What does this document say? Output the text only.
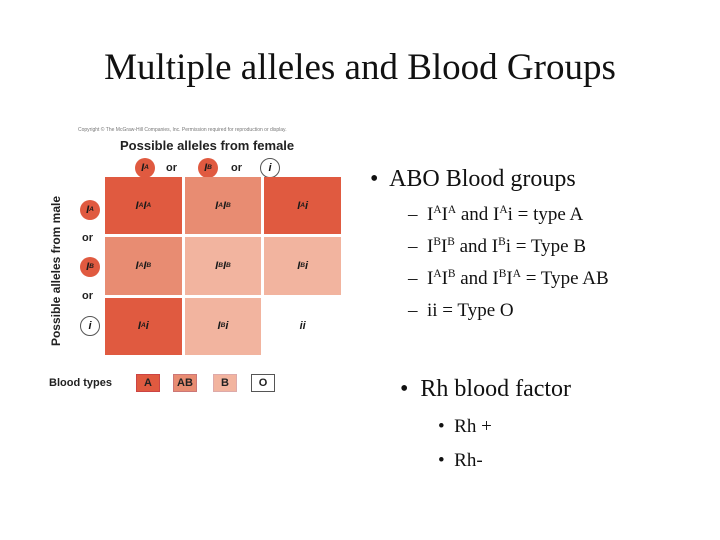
Multiple alleles and Blood Groups
Copyright © The McGraw-Hill Companies, Inc. Permission required for reproduction or display.
Possible alleles from female
Possible alleles from male
I A or I B or i
I A
or
I B
or
i
I A I A	I A I B	I A i
I A I B	I B I B	I B i
I A i	I B i	ii
Blood types	A	AB	B	O
•  ABO Blood groups
–  $I^AI^A$ and $I^Ai$ = type A
–  $I^BI^B$ and $I^Bi$ = Type B
–  $I^AI^B$ and $I^BI^A$ = Type AB
–  ii = Type O
•  Rh blood factor
•  Rh +
•  Rh-
